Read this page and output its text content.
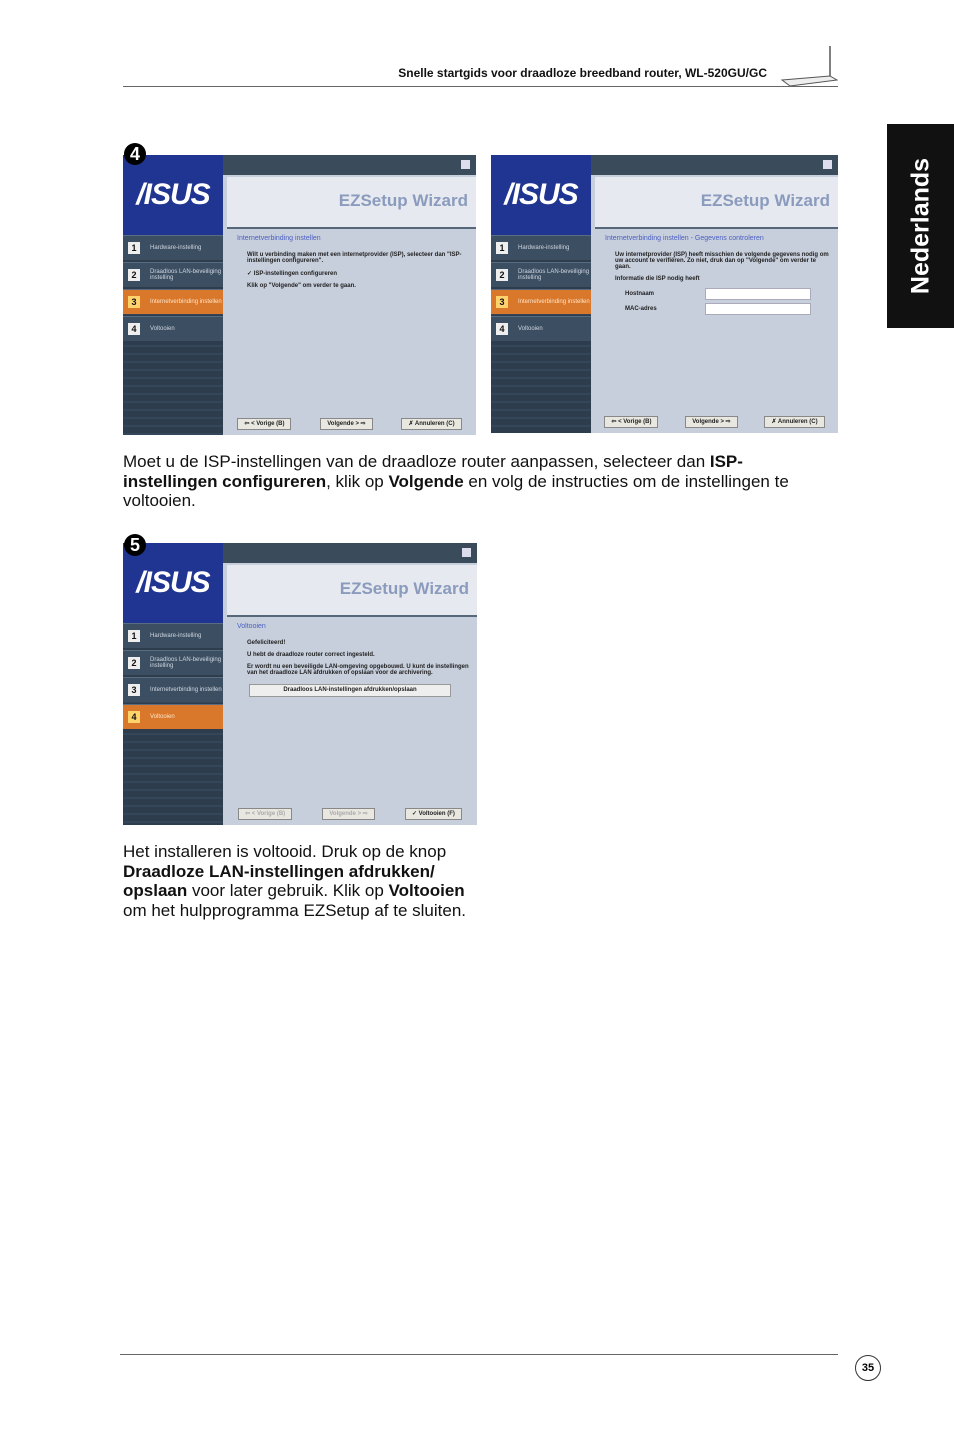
Snelle startgids voor draadloze breedband router, WL-520GU/GC
Nederlands
/ISUS
1	Hardware-instelling
2	Draadloos LAN-beveiliging instelling
3	Internetverbinding instellen
4	Voltooien
EZSetup Wizard
Internetverbinding instellen

Wilt u verbinding maken met een internetprovider (ISP), selecteer dan "ISP-instellingen configureren".

✓ ISP-instellingen configureren

Klik op "Volgende" om verder te gaan.

⇦ < Vorige (B)	Volgende > ⇨	✗ Annuleren (C)
4
/ISUS
1	Hardware-instelling
2	Draadloos LAN-beveiliging instelling
3	Internetverbinding instellen
4	Voltooien
EZSetup Wizard
Internetverbinding instellen - Gegevens controleren

Uw internetprovider (ISP) heeft misschien de volgende gegevens nodig om uw account te verifiëren. Zo niet, druk dan op "Volgende" om verder te gaan.

Informatie die ISP nodig heeft

Hostnaam
MAC-adres
⇦ < Vorige (B)	Volgende > ⇨	✗ Annuleren (C)
Moet u de ISP-instellingen van de draadloze router aanpassen, selecteer dan ISP-instellingen configureren, klik op Volgende en volg de instructies om de instellingen te voltooien.
/ISUS
1	Hardware-instelling
2	Draadloos LAN-beveiliging instelling
3	Internetverbinding instellen
4	Voltooien
EZSetup Wizard
Voltooien

Gefeliciteerd!

U hebt de draadloze router correct ingesteld.

Er wordt nu een beveiligde LAN-omgeving opgebouwd. U kunt de instellingen van het draadloze LAN afdrukken of opslaan voor de archivering.

Draadloos LAN-instellingen afdrukken/opslaan
⇦ < Vorige (B)	Volgende > ⇨	✓ Voltooien (F)
5
Het installeren is voltooid. Druk op de knop Draadloze LAN-instellingen afdrukken/ opslaan voor later gebruik. Klik op Voltooien om het hulpprogramma EZSetup af te sluiten.
35
